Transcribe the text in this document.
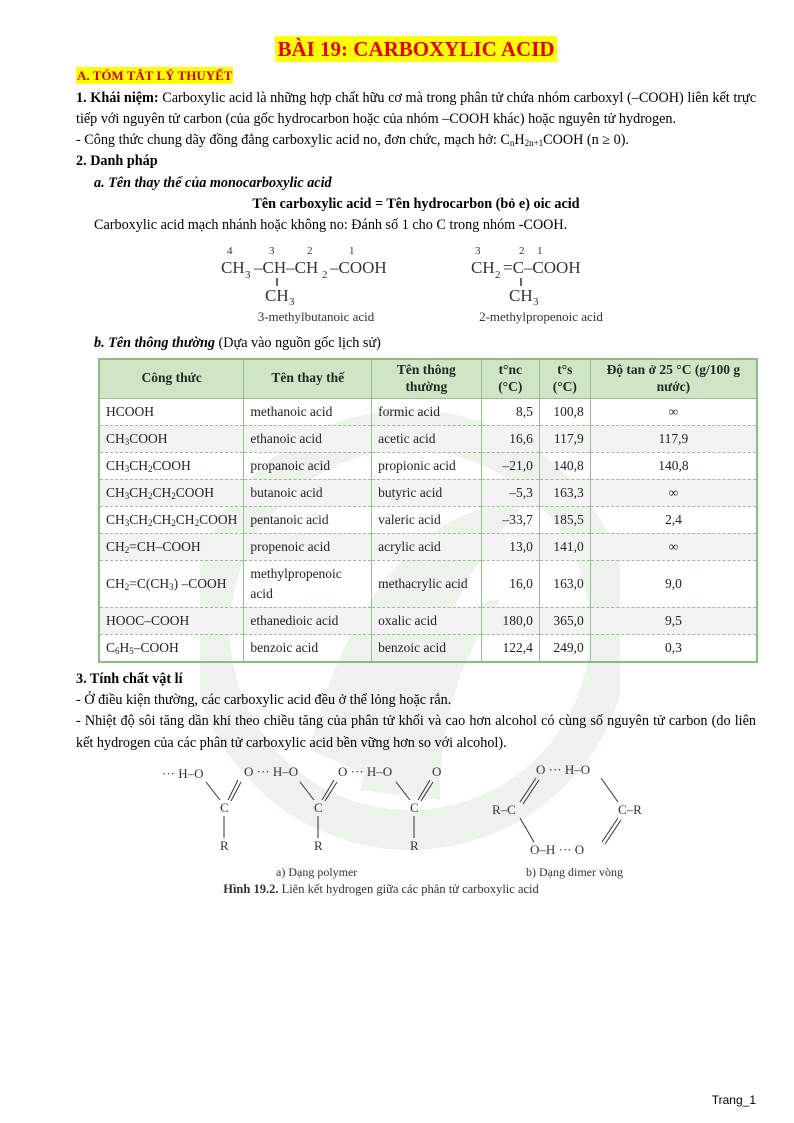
BÀI 19: CARBOXYLIC ACID
A. TÓM TẮT LÝ THUYẾT

1. Khái niệm: Carboxylic acid là những hợp chất hữu cơ mà trong phân tử chứa nhóm carboxyl (–COOH) liên kết trực tiếp với nguyên tử carbon (của gốc hydrocarbon hoặc của nhóm –COOH khác) hoặc nguyên tử hydrogen.

- Công thức chung dãy đồng đẳng carboxylic acid no, đơn chức, mạch hở: $C_nH_{2n+1}COOH$ (n ≥ 0).

2. Danh pháp

a. Tên thay thế của monocarboxylic acid

Tên carboxylic acid = Tên hydrocarbon (bỏ e) oic acid

Carboxylic acid mạch nhánh hoặc không no: Đánh số 1 cho C trong nhóm -COOH.

4	3	2	1
CH 3 –CH–CH 2 –COOH
CH 3
3-methylbutanoic acid
3	2 1
CH 2 =C–COOH
CH 3
2-methylpropenoic acid

b. Tên thông thường (Dựa vào nguồn gốc lịch sử)

Công thức	Tên thay thế	Tên thông thường	t°nc (°C)	t°s (°C)	Độ tan ở 25 °C (g/100 g nước)
HCOOH	methanoic acid	formic acid	8,5	100,8	∞
$CH_3COOH$	ethanoic acid	acetic acid	16,6	117,9	117,9
$CH_3CH_2COOH$	propanoic acid	propionic acid	–21,0	140,8	140,8
$CH_3CH_2CH_2COOH$	butanoic acid	butyric acid	–5,3	163,3	∞
$CH_3CH_2CH_2CH_2COOH$	pentanoic acid	valeric acid	–33,7	185,5	2,4
$CH_2=CH$–COOH	propenoic acid	acrylic acid	13,0	141,0	∞
$CH_2=C(CH_3)$ –COOH	methylpropenoic acid	methacrylic acid	16,0	163,0	9,0
HOOC–COOH	ethanedioic acid	oxalic acid	180,0	365,0	9,5
$C_6H_5$–COOH	benzoic acid	benzoic acid	122,4	249,0	0,3

3. Tính chất vật lí

- Ở điều kiện thường, các carboxylic acid đều ở thể lỏng hoặc rắn.

- Nhiệt độ sôi tăng dần khi theo chiều tăng của phân tử khối và cao hơn alcohol có cùng số nguyên tử carbon (do liên kết hydrogen của các phân tử carboxylic acid bền vững hơn so với alcohol).

··· H–O	O ··· H–O	O ··· H–O	O
C	C	C
R	R	R
O ··· H–O
R–C	C–R
O–H ··· O
a) Dạng polymer	b) Dạng dimer vòng
Hình 19.2. Liên kết hydrogen giữa các phân tử carboxylic acid
Trang_1
